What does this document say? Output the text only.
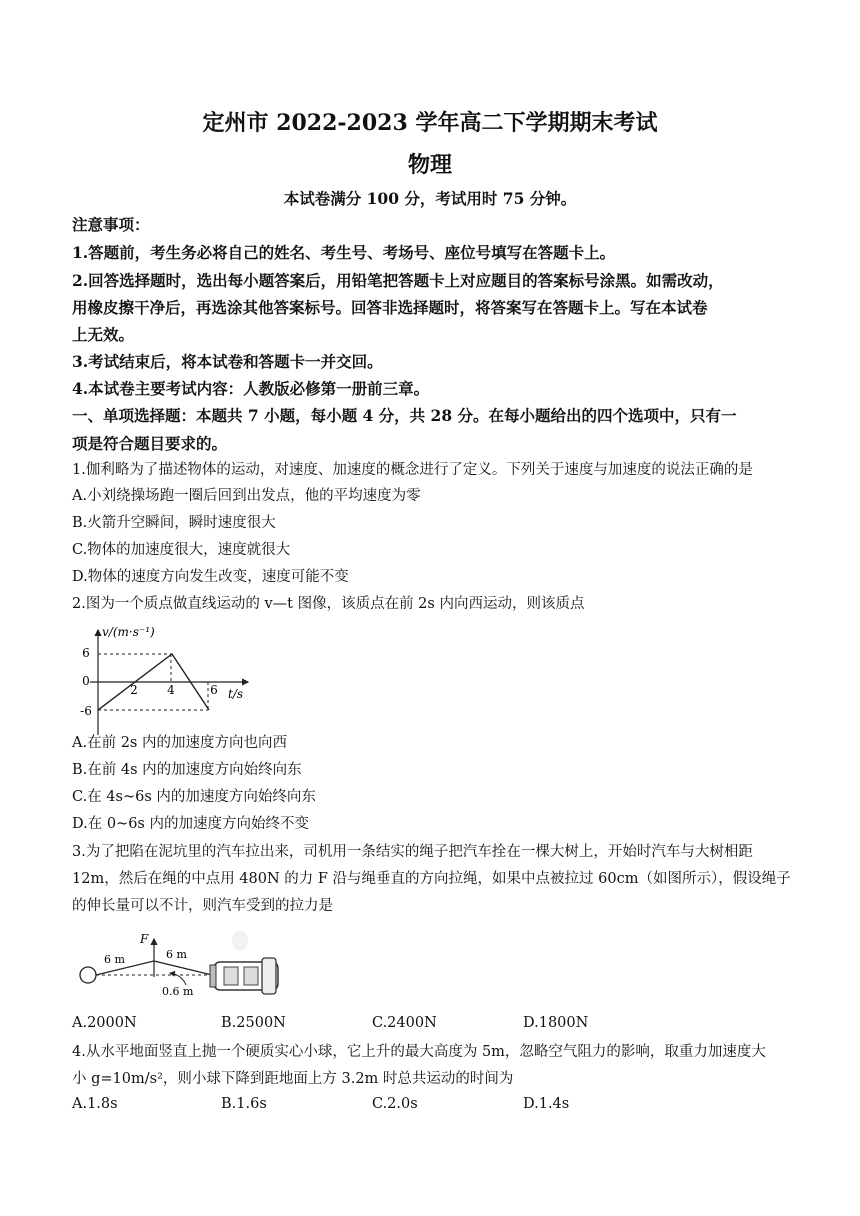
定州市 2022-2023 学年高二下学期期末考试
物理
本试卷满分 100 分，考试用时 75 分钟。
注意事项：
1.答题前，考生务必将自己的姓名、考生号、考场号、座位号填写在答题卡上。
2.回答选择题时，选出每小题答案后，用铅笔把答题卡上对应题目的答案标号涂黑。如需改动，
用橡皮擦干净后，再选涂其他答案标号。回答非选择题时，将答案写在答题卡上。写在本试卷
上无效。
3.考试结束后，将本试卷和答题卡一并交回。
4.本试卷主要考试内容：人教版必修第一册前三章。
一、单项选择题：本题共 7 小题，每小题 4 分，共 28 分。在每小题给出的四个选项中，只有一
项是符合题目要求的。
1.伽利略为了描述物体的运动，对速度、加速度的概念进行了定义。下列关于速度与加速度的说法正确的是
A.小刘绕操场跑一圈后回到出发点，他的平均速度为零
B.火箭升空瞬间，瞬时速度很大
C.物体的加速度很大，速度就很大
D.物体的速度方向发生改变，速度可能不变
2.图为一个质点做直线运动的 v—t 图像，该质点在前 2s 内向西运动，则该质点
v/(m·s⁻¹)
t/s
6
0
-6
2 4	6
A.在前 2s 内的加速度方向也向西
B.在前 4s 内的加速度方向始终向东
C.在 4s~6s 内的加速度方向始终向东
D.在 0~6s 内的加速度方向始终不变
3.为了把陷在泥坑里的汽车拉出来，司机用一条结实的绳子把汽车拴在一棵大树上，开始时汽车与大树相距
12m，然后在绳的中点用 480N 的力 F 沿与绳垂直的方向拉绳，如果中点被拉过 60cm（如图所示），假设绳子
的伸长量可以不计，则汽车受到的拉力是
F
6 m	6 m
0.6 m
A.2000N	B.2500N	C.2400N	D.1800N
4.从水平地面竖直上抛一个硬质实心小球，它上升的最大高度为 5m，忽略空气阻力的影响，取重力加速度大
小 g=10m/s²，则小球下降到距地面上方 3.2m 时总共运动的时间为
A.1.8s	B.1.6s	C.2.0s	D.1.4s
